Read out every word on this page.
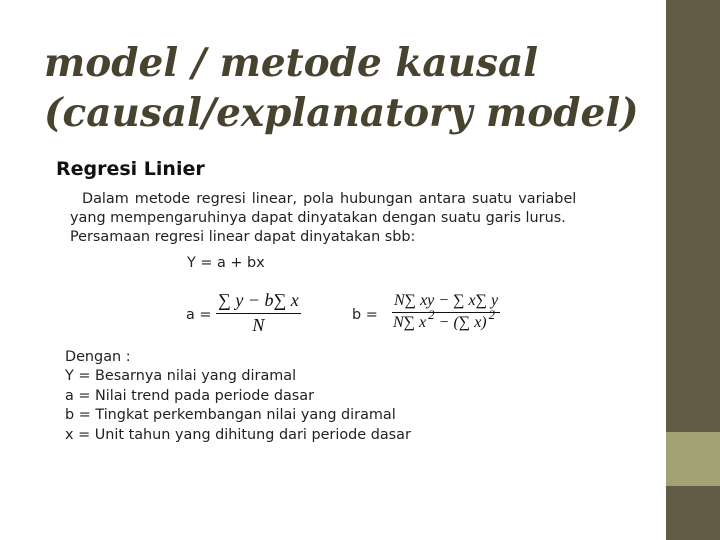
model / metode kausal
(causal/explanatory model)
Regresi Linier
Dalam metode regresi linear, pola hubungan antara suatu variabel
yang mempengaruhinya dapat dinyatakan dengan suatu garis lurus.
Persamaan regresi linear dapat dinyatakan sbb:
Y = a + bx
a =
∑ y − b∑ x
N	b =
N∑ xy − ∑ x∑ y
N∑ x $^2$ − (∑ x) $^2$
Dengan :
Y = Besarnya nilai yang diramal
a = Nilai trend pada periode dasar
b = Tingkat perkembangan nilai yang diramal
x = Unit tahun yang dihitung dari periode dasar
